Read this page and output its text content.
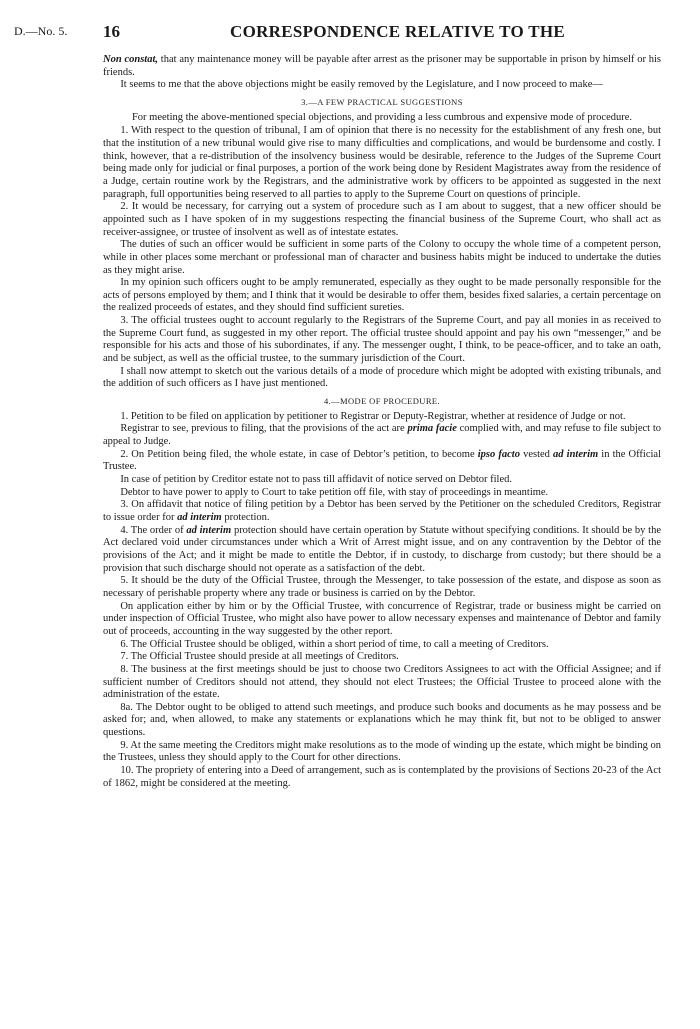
D.—No. 5. 16	CORRESPONDENCE RELATIVE TO THE

Non constat, that any maintenance money will be payable after arrest as the prisoner may be supportable in prison by himself or his friends.

It seems to me that the above objections might be easily removed by the Legislature, and I now proceed to make—

3.—A FEW PRACTICAL SUGGESTIONS

For meeting the above-mentioned special objections, and providing a less cumbrous and expensive mode of procedure.

1. With respect to the question of tribunal, I am of opinion that there is no necessity for the establishment of any fresh one, but that the institution of a new tribunal would give rise to many difficulties and complications, and would be burdensome and costly. I think, however, that a re-distribution of the insolvency business would be desirable, reference to the Judges of the Supreme Court being made only for judicial or final purposes, a portion of the work being done by Resident Magistrates away from the residence of a Judge, certain routine work by the Registrars, and the administrative work by officers to be appointed as suggested in the next paragraph, full opportunities being reserved to all parties to apply to the Supreme Court on questions of principle.

2. It would be necessary, for carrying out a system of procedure such as I am about to suggest, that a new officer should be appointed such as I have spoken of in my suggestions respecting the financial business of the Supreme Court, who shall act as receiver-assignee, or trustee of insolvent as well as of intestate estates.

The duties of such an officer would be sufficient in some parts of the Colony to occupy the whole time of a competent person, while in other places some merchant or professional man of character and business habits might be induced to undertake the duties as they might arise.

In my opinion such officers ought to be amply remunerated, especially as they ought to be made personally responsible for the acts of persons employed by them; and I think that it would be desirable to offer them, besides fixed salaries, a certain percentage on the realized proceeds of estates, and they should find sufficient sureties.

3. The official trustees ought to account regularly to the Registrars of the Supreme Court, and pay all monies in as received to the Supreme Court fund, as suggested in my other report. The official trustee should appoint and pay his own “messenger,” and be responsible for his acts and those of his subordinates, if any. The messenger ought, I think, to be peace-officer, and to take an oath, and be subject, as well as the official trustee, to the summary jurisdiction of the Court.

I shall now attempt to sketch out the various details of a mode of procedure which might be adopted with existing tribunals, and the addition of such officers as I have just mentioned.

4.—MODE OF PROCEDURE.

1. Petition to be filed on application by petitioner to Registrar or Deputy-Registrar, whether at residence of Judge or not.

Registrar to see, previous to filing, that the provisions of the act are prima facie complied with, and may refuse to file subject to appeal to Judge.

2. On Petition being filed, the whole estate, in case of Debtor’s petition, to become ipso facto vested ad interim in the Official Trustee.

In case of petition by Creditor estate not to pass till affidavit of notice served on Debtor filed.

Debtor to have power to apply to Court to take petition off file, with stay of proceedings in meantime.

3. On affidavit that notice of filing petition by a Debtor has been served by the Petitioner on the scheduled Creditors, Registrar to issue order for ad interim protection.

4. The order of ad interim protection should have certain operation by Statute without specifying conditions. It should be by the Act declared void under circumstances under which a Writ of Arrest might issue, and on any contravention by the Debtor of the provisions of the Act; and it might be made to entitle the Debtor, if in custody, to discharge from custody; but there should be a provision that such discharge should not operate as a satisfaction of the debt.

5. It should be the duty of the Official Trustee, through the Messenger, to take possession of the estate, and dispose as soon as necessary of perishable property where any trade or business is carried on by the Debtor.

On application either by him or by the Official Trustee, with concurrence of Registrar, trade or business might be carried on under inspection of Official Trustee, who might also have power to allow necessary expenses and maintenance of Debtor and family out of proceeds, accounting in the way suggested by the other report.

6. The Official Trustee should be obliged, within a short period of time, to call a meeting of Creditors.

7. The Official Trustee should preside at all meetings of Creditors.

8. The business at the first meetings should be just to choose two Creditors Assignees to act with the Official Assignee; and if sufficient number of Creditors should not attend, they should not elect Trustees; the Official Trustee to proceed alone with the administration of the estate.

8a. The Debtor ought to be obliged to attend such meetings, and produce such books and documents as he may possess and be asked for; and, when allowed, to make any statements or explanations which he may think fit, but not to be obliged to answer questions.

9. At the same meeting the Creditors might make resolutions as to the mode of winding up the estate, which might be binding on the Trustees, unless they should apply to the Court for other directions.

10. The propriety of entering into a Deed of arrangement, such as is contemplated by the provisions of Sections 20-23 of the Act of 1862, might be considered at the meeting.
